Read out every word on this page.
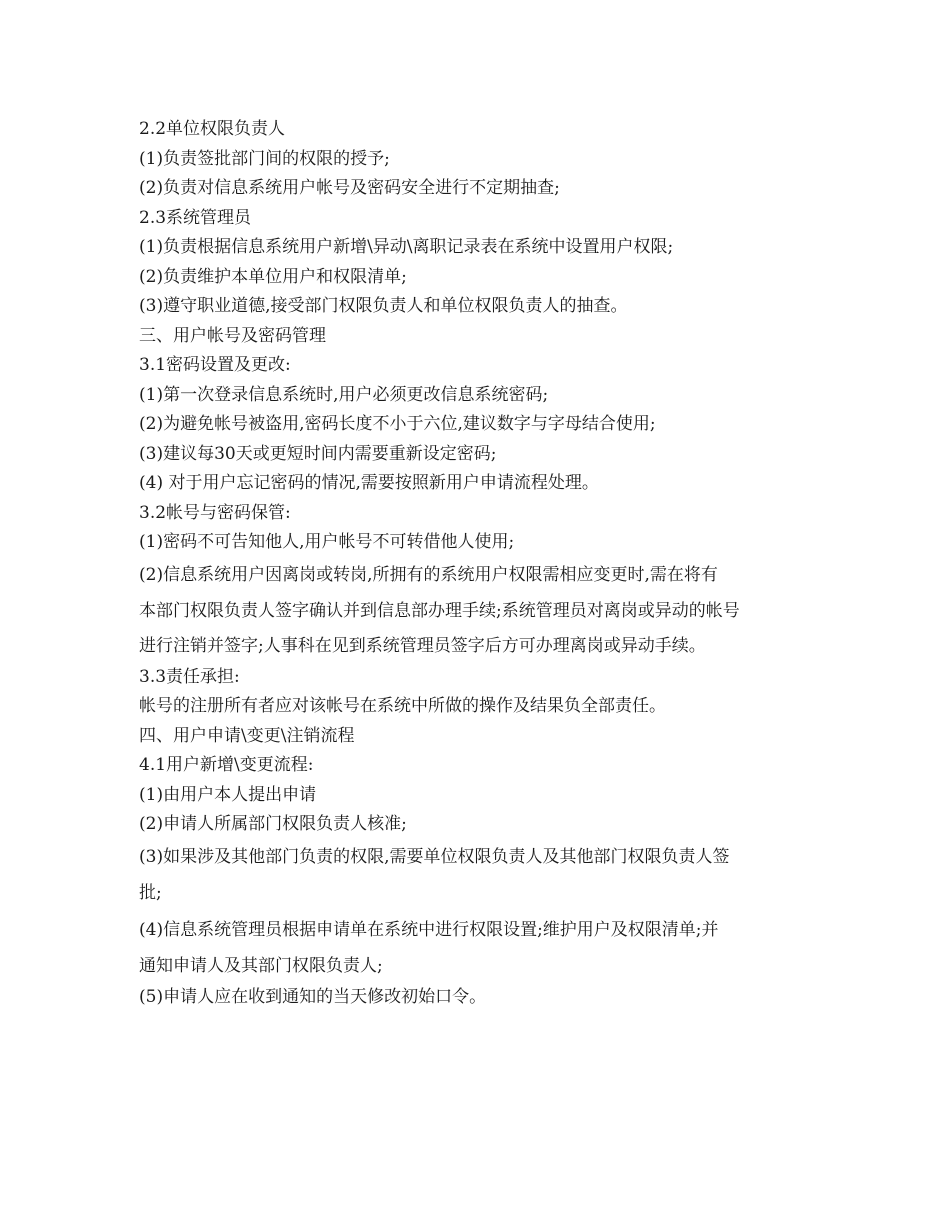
2.2单位权限负责人
(1)负责签批部门间的权限的授予;
(2)负责对信息系统用户帐号及密码安全进行不定期抽查;
2.3系统管理员
(1)负责根据信息系统用户新增\异动\离职记录表在系统中设置用户权限;
(2)负责维护本单位用户和权限清单;
(3)遵守职业道德,接受部门权限负责人和单位权限负责人的抽查。
三、用户帐号及密码管理
3.1密码设置及更改:
(1)第一次登录信息系统时,用户必须更改信息系统密码;
(2)为避免帐号被盗用,密码长度不小于六位,建议数字与字母结合使用;
(3)建议每30天或更短时间内需要重新设定密码;
(4) 对于用户忘记密码的情况,需要按照新用户申请流程处理。
3.2帐号与密码保管:
(1)密码不可告知他人,用户帐号不可转借他人使用;
(2)信息系统用户因离岗或转岗,所拥有的系统用户权限需相应变更时,需在将有
本部门权限负责人签字确认并到信息部办理手续;系统管理员对离岗或异动的帐号
进行注销并签字;人事科在见到系统管理员签字后方可办理离岗或异动手续。
3.3责任承担:
帐号的注册所有者应对该帐号在系统中所做的操作及结果负全部责任。
四、用户申请\变更\注销流程
4.1用户新增\变更流程:
(1)由用户本人提出申请
(2)申请人所属部门权限负责人核准;
(3)如果涉及其他部门负责的权限,需要单位权限负责人及其他部门权限负责人签
批;
(4)信息系统管理员根据申请单在系统中进行权限设置;维护用户及权限清单;并
通知申请人及其部门权限负责人;
(5)申请人应在收到通知的当天修改初始口令。
